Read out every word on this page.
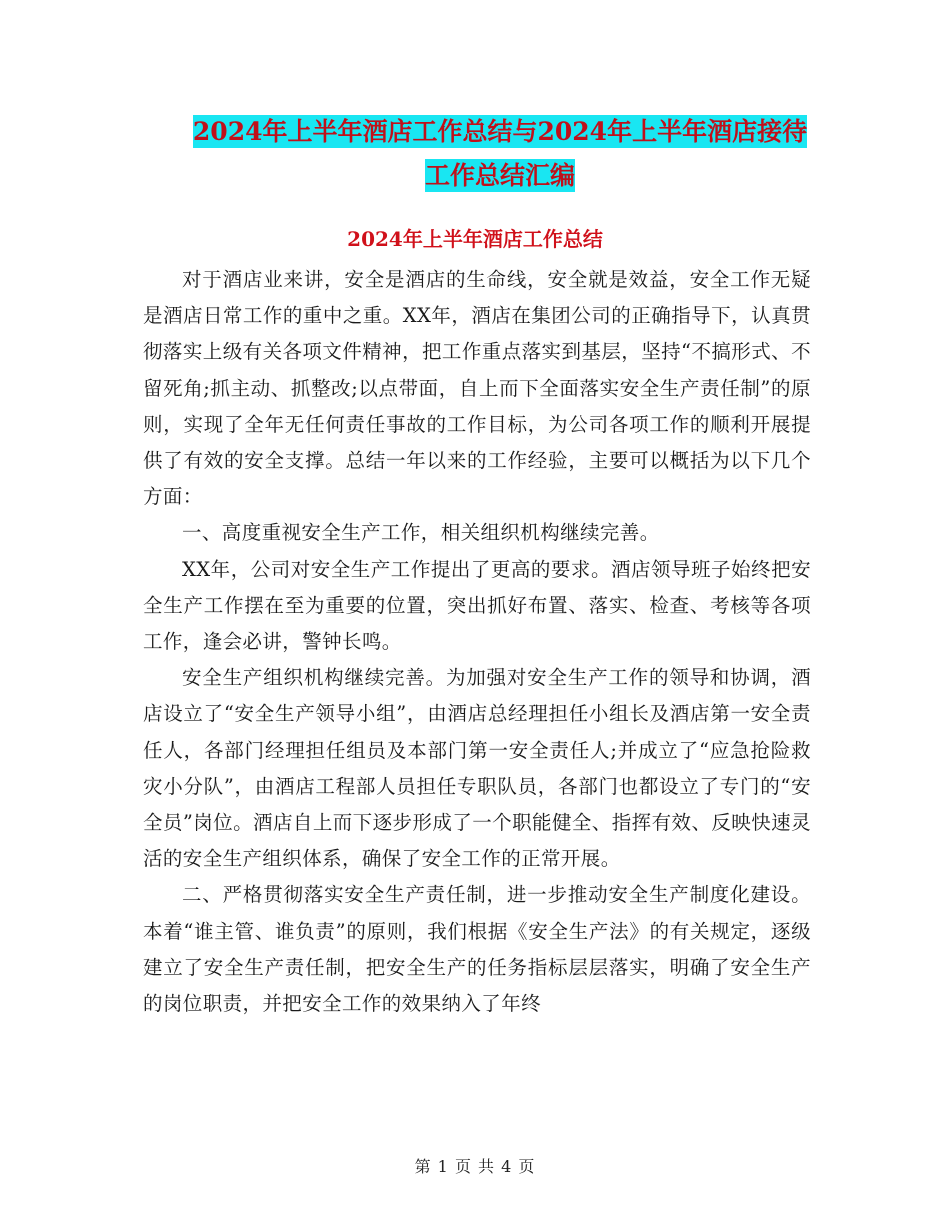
2024年上半年酒店工作总结与2024年上半年酒店接待
工作总结汇编
2024年上半年酒店工作总结

对于酒店业来讲，安全是酒店的生命线，安全就是效益，安全工作无疑是酒店日常工作的重中之重。XX年，酒店在集团公司的正确指导下，认真贯彻落实上级有关各项文件精神，把工作重点落实到基层，坚持“不搞形式、不留死角;抓主动、抓整改;以点带面，自上而下全面落实安全生产责任制”的原则，实现了全年无任何责任事故的工作目标，为公司各项工作的顺利开展提供了有效的安全支撑。总结一年以来的工作经验，主要可以概括为以下几个方面：

一、高度重视安全生产工作，相关组织机构继续完善。

XX年，公司对安全生产工作提出了更高的要求。酒店领导班子始终把安全生产工作摆在至为重要的位置，突出抓好布置、落实、检查、考核等各项工作，逢会必讲，警钟长鸣。

安全生产组织机构继续完善。为加强对安全生产工作的领导和协调，酒店设立了“安全生产领导小组”，由酒店总经理担任小组长及酒店第一安全责任人，各部门经理担任组员及本部门第一安全责任人;并成立了“应急抢险救灾小分队”，由酒店工程部人员担任专职队员，各部门也都设立了专门的“安全员”岗位。酒店自上而下逐步形成了一个职能健全、指挥有效、反映快速灵活的安全生产组织体系，确保了安全工作的正常开展。

二、严格贯彻落实安全生产责任制，进一步推动安全生产制度化建设。 本着“谁主管、谁负责”的原则，我们根据《安全生产法》的有关规定，逐级建立了安全生产责任制，把安全生产的任务指标层层落实，明确了安全生产的岗位职责，并把安全工作的效果纳入了年终

第 1 页 共 4 页
